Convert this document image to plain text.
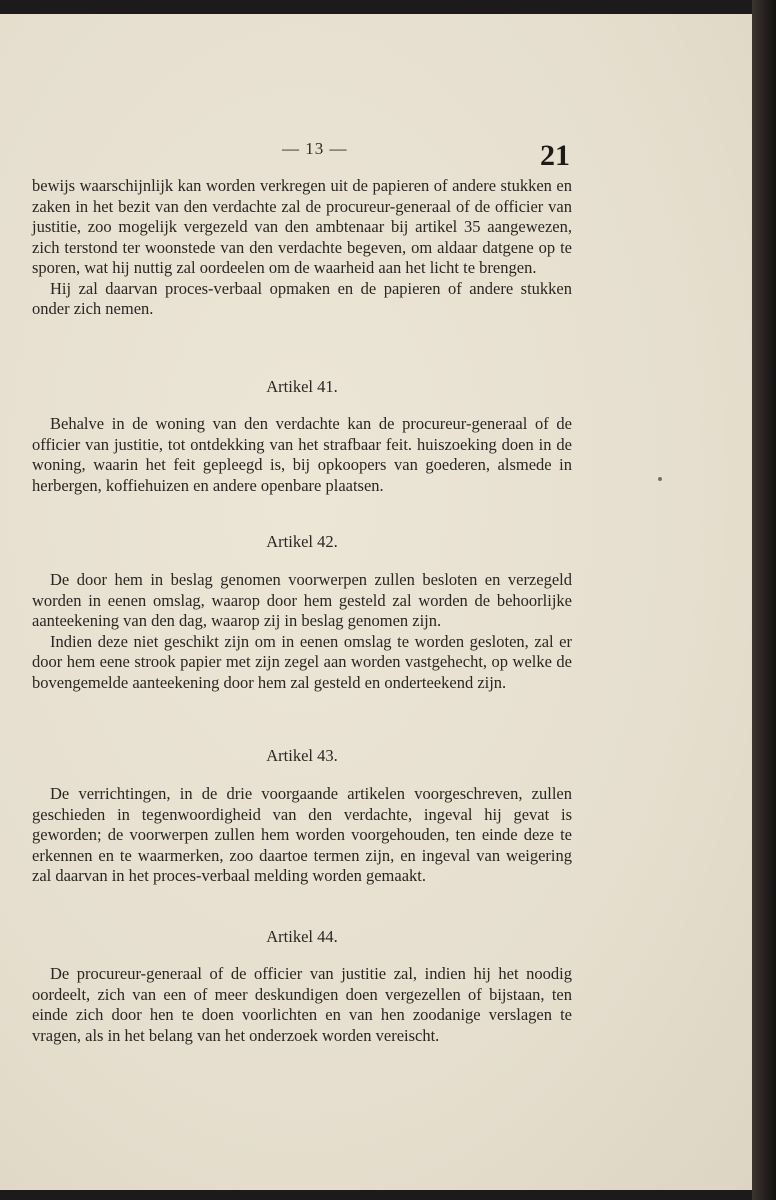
— 13 —	21

bewijs waarschijnlijk kan worden verkregen uit de papieren of andere stukken en zaken in het bezit van den verdachte zal de procureur-generaal of de officier van justitie, zoo mogelijk vergezeld van den ambtenaar bij artikel 35 aangewezen, zich terstond ter woonstede van den verdachte begeven, om aldaar datgene op te sporen, wat hij nuttig zal oordeelen om de waarheid aan het licht te brengen.

Hij zal daarvan proces-verbaal opmaken en de papieren of andere stukken onder zich nemen.

Artikel 41.

Behalve in de woning van den verdachte kan de procureur-generaal of de officier van justitie, tot ontdekking van het strafbaar feit. huiszoeking doen in de woning, waarin het feit gepleegd is, bij opkoopers van goederen, alsmede in herbergen, koffiehuizen en andere openbare plaatsen.

Artikel 42.

De door hem in beslag genomen voorwerpen zullen besloten en verzegeld worden in eenen omslag, waarop door hem gesteld zal worden de behoorlijke aanteekening van den dag, waarop zij in beslag genomen zijn.

Indien deze niet geschikt zijn om in eenen omslag te worden gesloten, zal er door hem eene strook papier met zijn zegel aan worden vastgehecht, op welke de bovengemelde aanteekening door hem zal gesteld en onderteekend zijn.

Artikel 43.

De verrichtingen, in de drie voorgaande artikelen voorgeschreven, zullen geschieden in tegenwoordigheid van den verdachte, ingeval hij gevat is geworden; de voorwerpen zullen hem worden voorgehouden, ten einde deze te erkennen en te waarmerken, zoo daartoe termen zijn, en ingeval van weigering zal daarvan in het proces-verbaal melding worden gemaakt.

Artikel 44.

De procureur-generaal of de officier van justitie zal, indien hij het noodig oordeelt, zich van een of meer deskundigen doen vergezellen of bijstaan, ten einde zich door hen te doen voorlichten en van hen zoodanige verslagen te vragen, als in het belang van het onderzoek worden vereischt.
